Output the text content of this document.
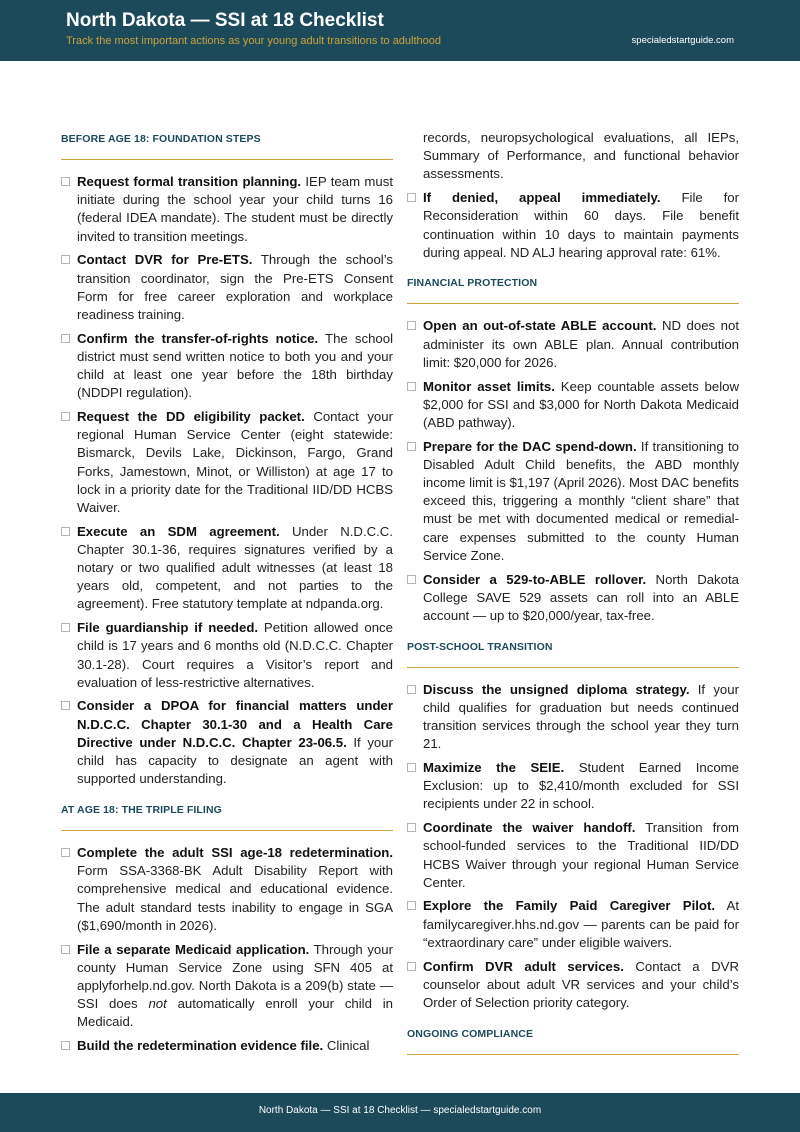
North Dakota — SSI at 18 Checklist
Track the most important actions as your young adult transitions to adulthood	specialedstartguide.com
BEFORE AGE 18: FOUNDATION STEPS
Request formal transition planning. IEP team must initiate during the school year your child turns 16 (federal IDEA mandate). The student must be directly invited to transition meetings.
Contact DVR for Pre-ETS. Through the school’s transition coordinator, sign the Pre-ETS Consent Form for free career exploration and workplace readiness training.
Confirm the transfer-of-rights notice. The school district must send written notice to both you and your child at least one year before the 18th birthday (NDDPI regulation).
Request the DD eligibility packet. Contact your regional Human Service Center (eight statewide: Bismarck, Devils Lake, Dickinson, Fargo, Grand Forks, Jamestown, Minot, or Williston) at age 17 to lock in a priority date for the Traditional IID/DD HCBS Waiver.
Execute an SDM agreement. Under N.D.C.C. Chapter 30.1-36, requires signatures verified by a notary or two qualified adult witnesses (at least 18 years old, competent, and not parties to the agreement). Free statutory template at ndpanda.org.
File guardianship if needed. Petition allowed once child is 17 years and 6 months old (N.D.C.C. Chapter 30.1-28). Court requires a Visitor’s report and evaluation of less-restrictive alternatives.
Consider a DPOA for financial matters under N.D.C.C. Chapter 30.1-30 and a Health Care Directive under N.D.C.C. Chapter 23-06.5. If your child has capacity to designate an agent with supported understanding.
AT AGE 18: THE TRIPLE FILING
Complete the adult SSI age-18 redetermination. Form SSA-3368-BK Adult Disability Report with comprehensive medical and educational evidence. The adult standard tests inability to engage in SGA ($1,690/month in 2026).
File a separate Medicaid application. Through your county Human Service Zone using SFN 405 at applyforhelp.nd.gov. North Dakota is a 209(b) state — SSI does not automatically enroll your child in Medicaid.
Build the redetermination evidence file. Clinical
records, neuropsychological evaluations, all IEPs, Summary of Performance, and functional behavior assessments.
If denied, appeal immediately. File for Reconsideration within 60 days. File benefit continuation within 10 days to maintain payments during appeal. ND ALJ hearing approval rate: 61%.
FINANCIAL PROTECTION
Open an out-of-state ABLE account. ND does not administer its own ABLE plan. Annual contribution limit: $20,000 for 2026.
Monitor asset limits. Keep countable assets below $2,000 for SSI and $3,000 for North Dakota Medicaid (ABD pathway).
Prepare for the DAC spend-down. If transitioning to Disabled Adult Child benefits, the ABD monthly income limit is $1,197 (April 2026). Most DAC benefits exceed this, triggering a monthly “client share” that must be met with documented medical or remedial-care expenses submitted to the county Human Service Zone.
Consider a 529-to-ABLE rollover. North Dakota College SAVE 529 assets can roll into an ABLE account — up to $20,000/year, tax-free.
POST-SCHOOL TRANSITION
Discuss the unsigned diploma strategy. If your child qualifies for graduation but needs continued transition services through the school year they turn 21.
Maximize the SEIE. Student Earned Income Exclusion: up to $2,410/month excluded for SSI recipients under 22 in school.
Coordinate the waiver handoff. Transition from school-funded services to the Traditional IID/DD HCBS Waiver through your regional Human Service Center.
Explore the Family Paid Caregiver Pilot. At familycaregiver.hhs.nd.gov — parents can be paid for “extraordinary care” under eligible waivers.
Confirm DVR adult services. Contact a DVR counselor about adult VR services and your child’s Order of Selection priority category.
ONGOING COMPLIANCE
North Dakota — SSI at 18 Checklist — specialedstartguide.com
